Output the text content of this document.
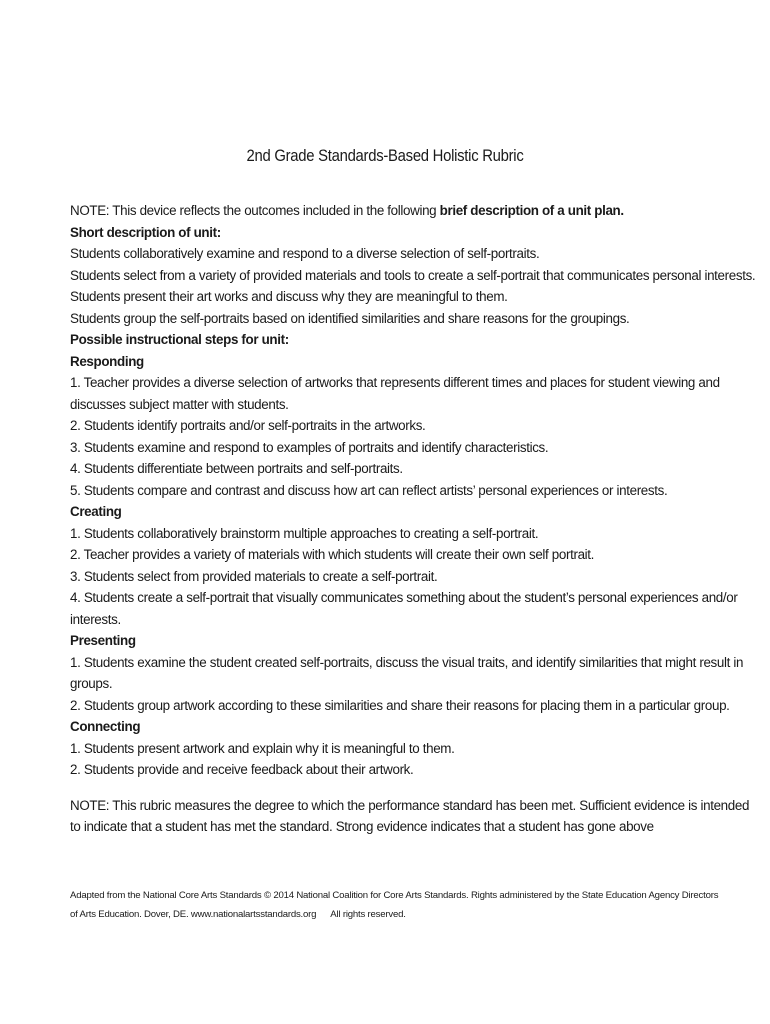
2nd Grade Standards-Based Holistic Rubric

NOTE: This device reflects the outcomes included in the following brief description of a unit plan.

Short description of unit:

Students collaboratively examine and respond to a diverse selection of self-portraits.

Students select from a variety of provided materials and tools to create a self-portrait that communicates personal interests.

Students present their art works and discuss why they are meaningful to them.

Students group the self-portraits based on identified similarities and share reasons for the groupings.

Possible instructional steps for unit:

Responding

1. Teacher provides a diverse selection of artworks that represents different times and places for student viewing and discusses subject matter with students.

2. Students identify portraits and/or self-portraits in the artworks.

3. Students examine and respond to examples of portraits and identify characteristics.

4. Students differentiate between portraits and self-portraits.

5. Students compare and contrast and discuss how art can reflect artists’ personal experiences or interests.

Creating

1. Students collaboratively brainstorm multiple approaches to creating a self-portrait.

2. Teacher provides a variety of materials with which students will create their own self portrait.

3. Students select from provided materials to create a self-portrait.

4. Students create a self-portrait that visually communicates something about the student’s personal experiences and/or interests.

Presenting

1. Students examine the student created self-portraits, discuss the visual traits, and identify similarities that might result in groups.

2. Students group artwork according to these similarities and share their reasons for placing them in a particular group.

Connecting

1. Students present artwork and explain why it is meaningful to them.

2. Students provide and receive feedback about their artwork.

NOTE: This rubric measures the degree to which the performance standard has been met. Sufficient evidence is intended to indicate that a student has met the standard. Strong evidence indicates that a student has gone above

Adapted from the National Core Arts Standards © 2014 National Coalition for Core Arts Standards. Rights administered by the State Education Agency Directors
of Arts Education. Dover, DE. www.nationalartsstandards.org All rights reserved.
